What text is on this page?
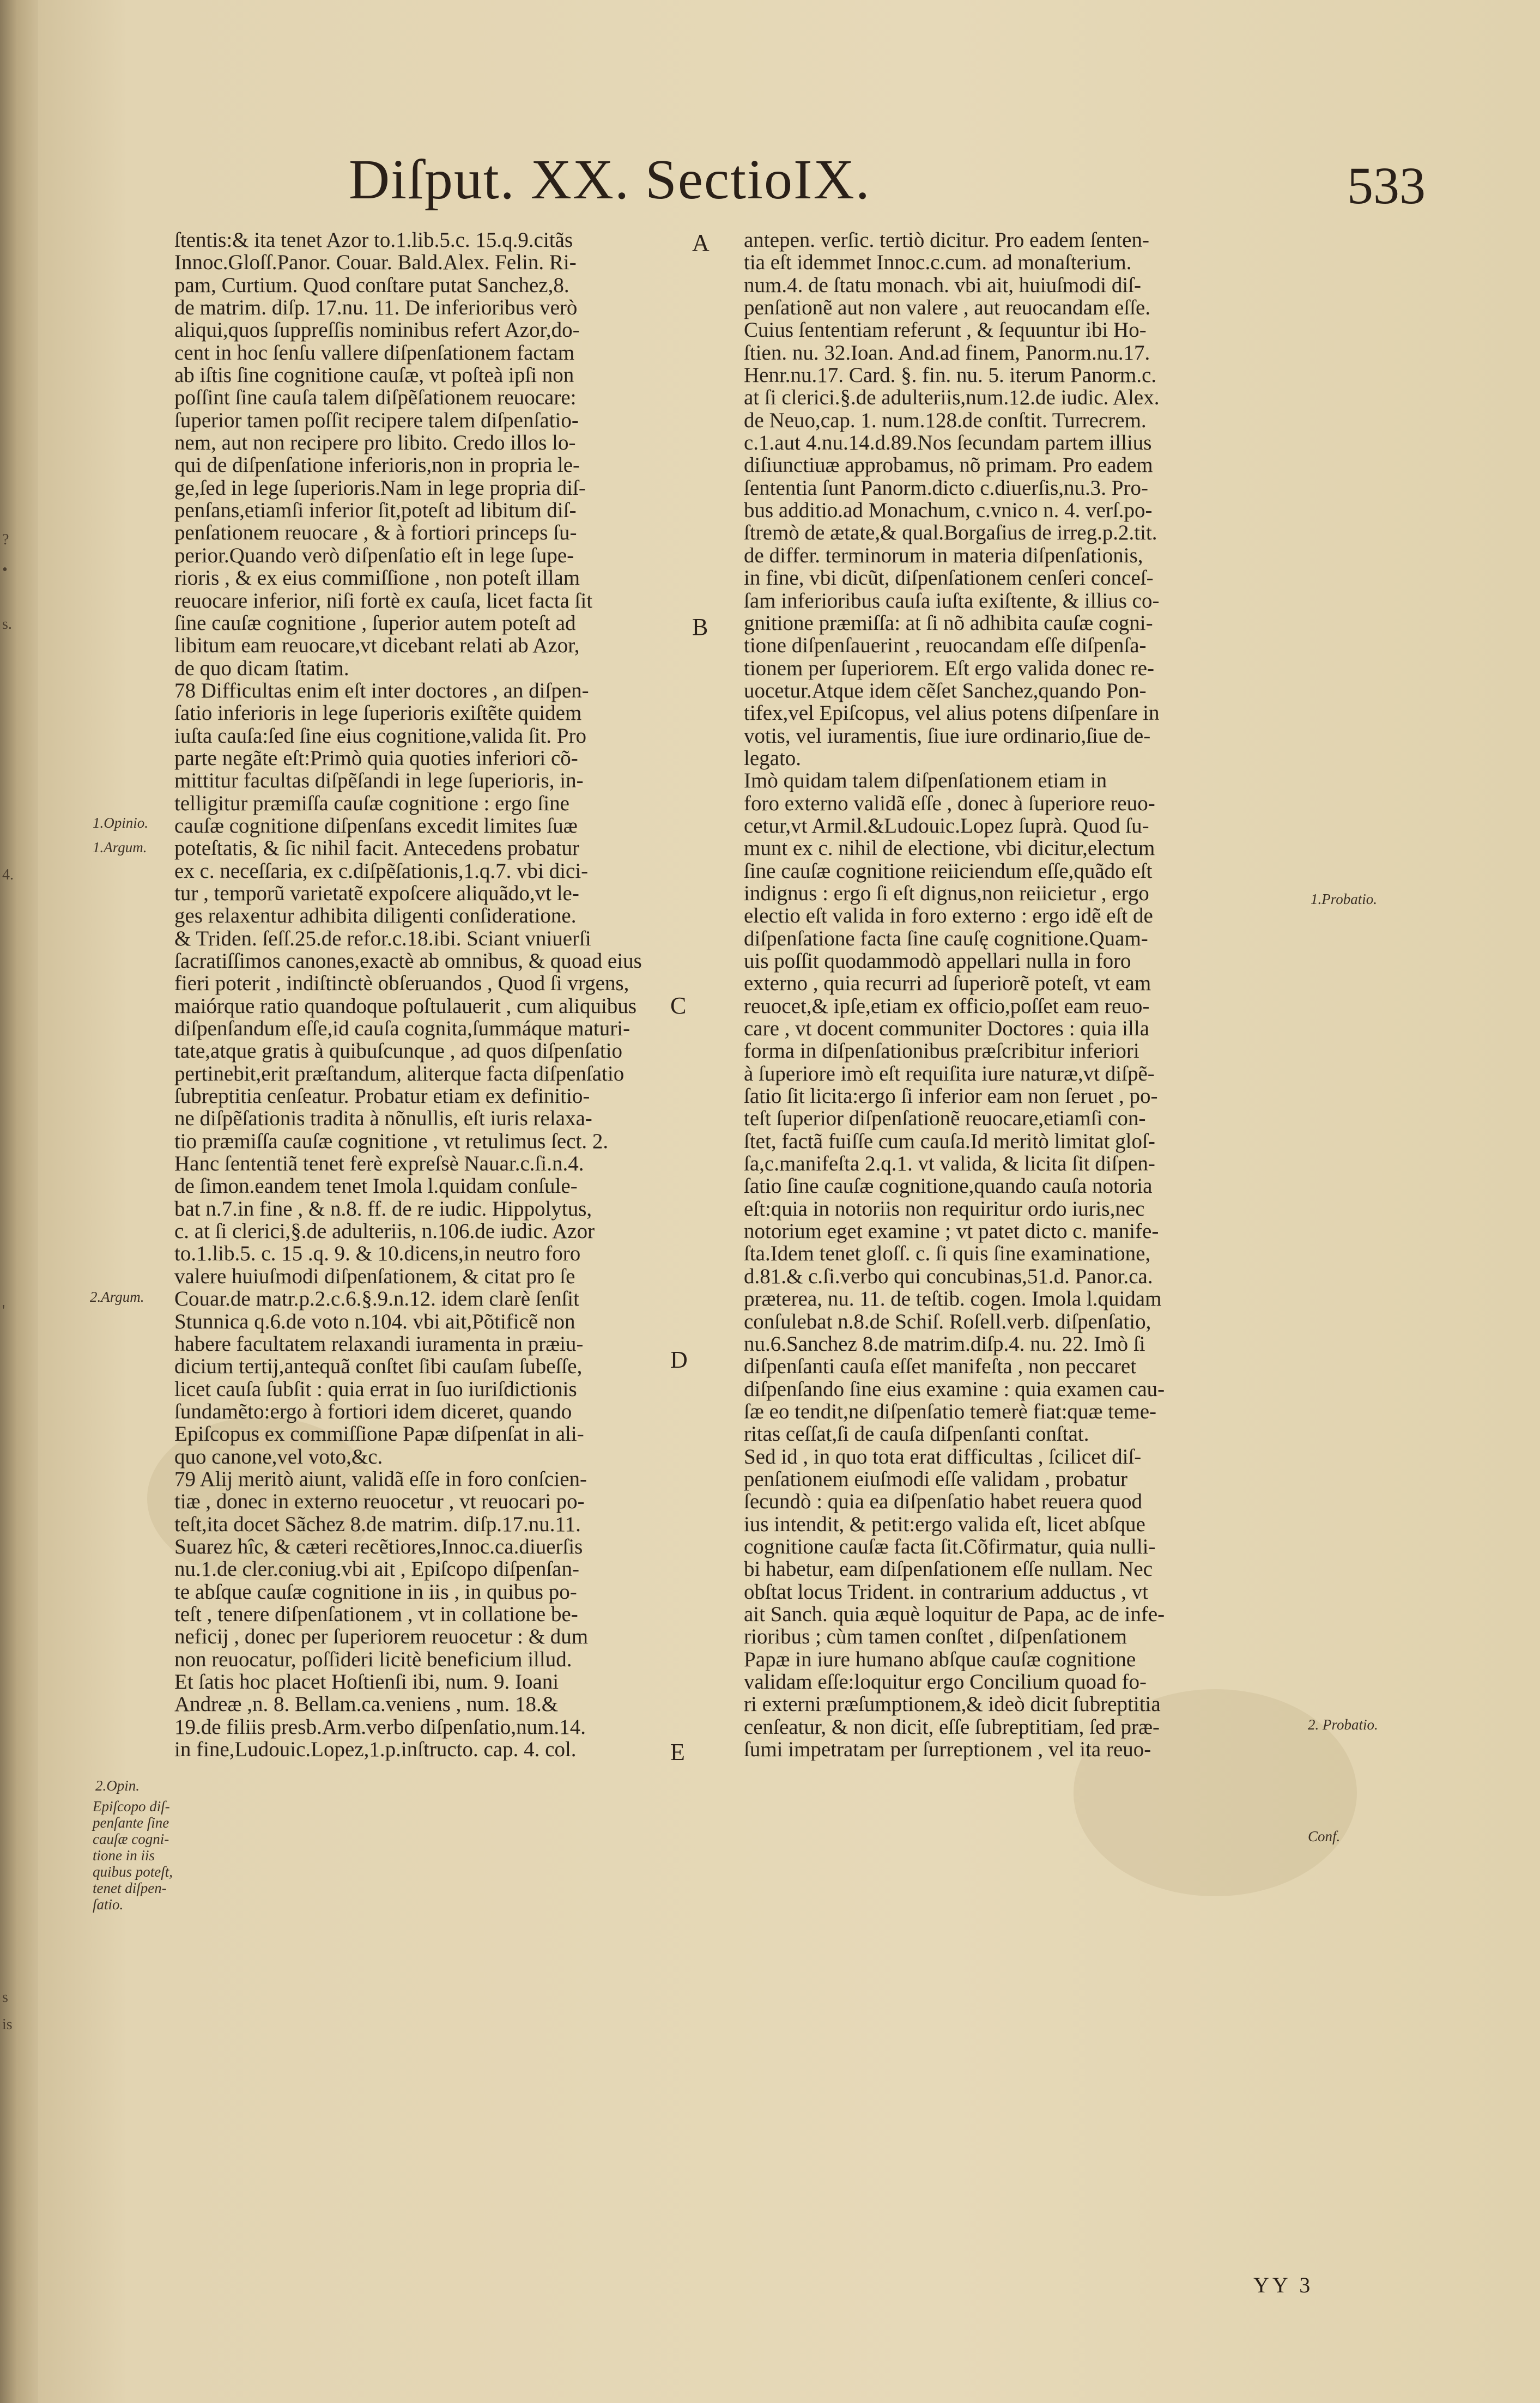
?
•
s.
4.
'
s
is
Diſput. XX. SectioIX.	533
ſtentis:& ita tenet Azor to.1.lib.5.c. 15.q.9.citãs
Innoc.Gloſſ.Panor. Couar. Bald.Alex. Felin. Ri-
pam, Curtium. Quod conſtare putat Sanchez,8.
de matrim. diſp. 17.nu. 11. De inferioribus verò
aliqui,quos ſuppreſſis nominibus refert Azor,do-
cent in hoc ſenſu vallere diſpenſationem factam
ab iſtis ſine cognitione cauſæ, vt poſteà ipſi non
poſſint ſine cauſa talem diſpẽſationem reuocare:
ſuperior tamen poſſit recipere talem diſpenſatio-
nem, aut non recipere pro libito. Credo illos lo-
qui de diſpenſatione inferioris,non in propria le-
ge,ſed in lege ſuperioris.Nam in lege propria diſ-
penſans,etiamſi inferior ſit,poteſt ad libitum diſ-
penſationem reuocare , & à fortiori princeps ſu-
perior.Quando verò diſpenſatio eſt in lege ſupe-
rioris , & ex eius commiſſione , non poteſt illam
reuocare inferior, niſi fortè ex cauſa, licet facta ſit
ſine cauſæ cognitione , ſuperior autem poteſt ad
libitum eam reuocare,vt dicebant relati ab Azor,
de quo dicam ſtatim.
78 Difficultas enim eſt inter doctores , an diſpen-
ſatio inferioris in lege ſuperioris exiſtẽte quidem
iuſta cauſa:ſed ſine eius cognitione,valida ſit. Pro
parte negãte eſt:Primò quia quoties inferiori cõ-
mittitur facultas diſpẽſandi in lege ſuperioris, in-
telligitur præmiſſa cauſæ cognitione : ergo ſine
cauſæ cognitione diſpenſans excedit limites ſuæ
poteſtatis, & ſic nihil facit. Antecedens probatur
ex c. neceſſaria, ex c.diſpẽſationis,1.q.7. vbi dici-
tur , temporũ varietatẽ expoſcere aliquãdo,vt le-
ges relaxentur adhibita diligenti conſideratione.
& Triden. ſeſſ.25.de refor.c.18.ibi. Sciant vniuerſi
ſacratiſſimos canones,exactè ab omnibus, & quoad eius
fieri poterit , indiſtinctè obſeruandos , Quod ſi vrgens,
maiórque ratio quandoque poſtulauerit , cum aliquibus
diſpenſandum eſſe,id cauſa cognita,ſummáque maturi-
tate,atque gratis à quibuſcunque , ad quos diſpenſatio
pertinebit,erit præſtandum, aliterque facta diſpenſatio
ſubreptitia cenſeatur. Probatur etiam ex definitio-
ne diſpẽſationis tradita à nõnullis, eſt iuris relaxa-
tio præmiſſa cauſæ cognitione , vt retulimus ſect. 2.
Hanc ſententiã tenet ferè expreſsè Nauar.c.ſi.n.4.
de ſimon.eandem tenet Imola l.quidam conſule-
bat n.7.in fine , & n.8. ff. de re iudic. Hippolytus,
c. at ſi clerici,§.de adulteriis, n.106.de iudic. Azor
to.1.lib.5. c. 15 .q. 9. & 10.dicens,in neutro foro
valere huiuſmodi diſpenſationem, & citat pro ſe
Couar.de matr.p.2.c.6.§.9.n.12. idem clarè ſenſit
Stunnica q.6.de voto n.104. vbi ait,Põtificẽ non
habere facultatem relaxandi iuramenta in præiu-
dicium tertij,antequã conſtet ſibi cauſam ſubeſſe,
licet cauſa ſubſit : quia errat in ſuo iuriſdictionis
ſundamẽto:ergo à fortiori idem diceret, quando
Epiſcopus ex commiſſione Papæ diſpenſat in ali-
quo canone,vel voto,&c.
79 Alij meritò aiunt, validã eſſe in foro conſcien-
tiæ , donec in externo reuocetur , vt reuocari po-
teſt,ita docet Sãchez 8.de matrim. diſp.17.nu.11.
Suarez hîc, & cæteri recẽtiores,Innoc.ca.diuerſis
nu.1.de cler.coniug.vbi ait , Epiſcopo diſpenſan-
te abſque cauſæ cognitione in iis , in quibus po-
teſt , tenere diſpenſationem , vt in collatione be-
neficij , donec per ſuperiorem reuocetur : & dum
non reuocatur, poſſideri licitè beneficium illud.
Et ſatis hoc placet Hoſtienſi ibi, num. 9. Ioani
Andreæ ,n. 8. Bellam.ca.veniens , num. 18.&
19.de filiis presb.Arm.verbo diſpenſatio,num.14.
in fine,Ludouic.Lopez,1.p.inſtructo. cap. 4. col.
antepen. verſic. tertiò dicitur. Pro eadem ſenten-
tia eſt idemmet Innoc.c.cum. ad monaſterium.
num.4. de ſtatu monach. vbi ait, huiuſmodi diſ-
penſationẽ aut non valere , aut reuocandam eſſe.
Cuius ſententiam referunt , & ſequuntur ibi Ho-
ſtien. nu. 32.Ioan. And.ad finem, Panorm.nu.17.
Henr.nu.17. Card. §. fin. nu. 5. iterum Panorm.c.
at ſi clerici.§.de adulteriis,num.12.de iudic. Alex.
de Neuo,cap. 1. num.128.de conſtit. Turrecrem.
c.1.aut 4.nu.14.d.89.Nos ſecundam partem illius
diſiunctiuæ approbamus, nõ primam. Pro eadem
ſententia ſunt Panorm.dicto c.diuerſis,nu.3. Pro-
bus additio.ad Monachum, c.vnico n. 4. verſ.po-
ſtremò de ætate,& qual.Borgaſius de irreg.p.2.tit.
de differ. terminorum in materia diſpenſationis,
in fine, vbi dicũt, diſpenſationem cenſeri conceſ-
ſam inferioribus cauſa iuſta exiſtente, & illius co-
gnitione præmiſſa: at ſi nõ adhibita cauſæ cogni-
tione diſpenſauerint , reuocandam eſſe diſpenſa-
tionem per ſuperiorem. Eſt ergo valida donec re-
uocetur.Atque idem cẽſet Sanchez,quando Pon-
tifex,vel Epiſcopus, vel alius potens diſpenſare in
votis, vel iuramentis, ſiue iure ordinario,ſiue de-
legato.
Imò quidam talem diſpenſationem etiam in
foro externo validã eſſe , donec à ſuperiore reuo-
cetur,vt Armil.&Ludouic.Lopez ſuprà. Quod ſu-
munt ex c. nihil de electione, vbi dicitur,electum
ſine cauſæ cognitione reiiciendum eſſe,quãdo eſt
indignus : ergo ſi eſt dignus,non reiicietur , ergo
electio eſt valida in foro externo : ergo idẽ eſt de
diſpenſatione facta ſine cauſę cognitione.Quam-
uis poſſit quodammodò appellari nulla in foro
externo , quia recurri ad ſuperiorẽ poteſt, vt eam
reuocet,& ipſe,etiam ex officio,poſſet eam reuo-
care , vt docent communiter Doctores : quia illa
forma in diſpenſationibus præſcribitur inferiori
à ſuperiore imò eſt requiſita iure naturæ,vt diſpẽ-
ſatio ſit licita:ergo ſi inferior eam non ſeruet , po-
teſt ſuperior diſpenſationẽ reuocare,etiamſi con-
ſtet, factã fuiſſe cum cauſa.Id meritò limitat gloſ-
ſa,c.manifeſta 2.q.1. vt valida, & licita ſit diſpen-
ſatio ſine cauſæ cognitione,quando cauſa notoria
eſt:quia in notoriis non requiritur ordo iuris,nec
notorium eget examine ; vt patet dicto c. manife-
ſta.Idem tenet gloſſ. c. ſi quis ſine examinatione,
d.81.& c.ſi.verbo qui concubinas,51.d. Panor.ca.
præterea, nu. 11. de teſtib. cogen. Imola l.quidam
conſulebat n.8.de Schiſ. Roſell.verb. diſpenſatio,
nu.6.Sanchez 8.de matrim.diſp.4. nu. 22. Imò ſi
diſpenſanti cauſa eſſet manifeſta , non peccaret
diſpenſando ſine eius examine : quia examen cau-
ſæ eo tendit,ne diſpenſatio temerè fiat:quæ teme-
ritas ceſſat,ſi de cauſa diſpenſanti conſtat.
Sed id , in quo tota erat difficultas , ſcilicet diſ-
penſationem eiuſmodi eſſe validam , probatur
ſecundò : quia ea diſpenſatio habet reuera quod
ius intendit, & petit:ergo valida eſt, licet abſque
cognitione cauſæ facta ſit.Cõfirmatur, quia nulli-
bi habetur, eam diſpenſationem eſſe nullam. Nec
obſtat locus Trident. in contrarium adductus , vt
ait Sanch. quia æquè loquitur de Papa, ac de infe-
rioribus ; cùm tamen conſtet , diſpenſationem
Papæ in iure humano abſque cauſæ cognitione
validam eſſe:loquitur ergo Concilium quoad fo-
ri externi præſumptionem,& ideò dicit ſubreptitia
cenſeatur, & non dicit, eſſe ſubreptitiam, ſed præ-
ſumi impetratam per ſurreptionem , vel ita reuo-
A
B
C
D
E
1.Opinio.
1.Argum.
2.Argum.
2.Opin.
Epiſcopo diſ-
penſante ſine
cauſæ cogni-
tione in iis
quibus poteſt,
tenet diſpen-
ſatio.
1.Probatio.
2. Probatio.
Conf.
YY 3
